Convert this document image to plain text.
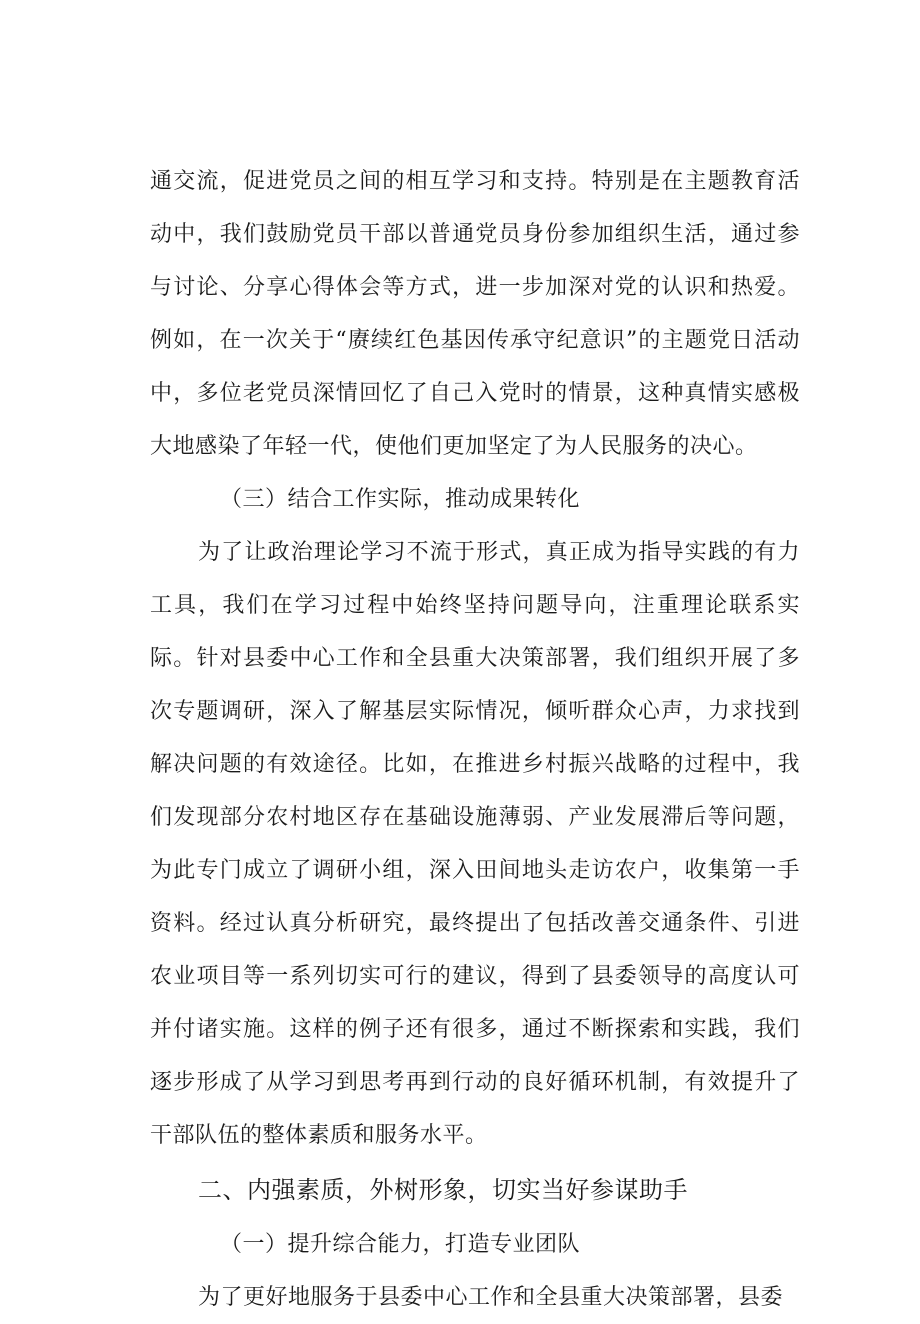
通交流，促进党员之间的相互学习和支持。特别是在主题教育活动中，我们鼓励党员干部以普通党员身份参加组织生活，通过参与讨论、分享心得体会等方式，进一步加深对党的认识和热爱。例如，在一次关于“赓续红色基因传承守纪意识”的主题党日活动中，多位老党员深情回忆了自己入党时的情景，这种真情实感极大地感染了年轻一代，使他们更加坚定了为人民服务的决心。

（三）结合工作实际，推动成果转化

为了让政治理论学习不流于形式，真正成为指导实践的有力工具，我们在学习过程中始终坚持问题导向，注重理论联系实际。针对县委中心工作和全县重大决策部署，我们组织开展了多次专题调研，深入了解基层实际情况，倾听群众心声，力求找到解决问题的有效途径。比如，在推进乡村振兴战略的过程中，我们发现部分农村地区存在基础设施薄弱、产业发展滞后等问题，为此专门成立了调研小组，深入田间地头走访农户，收集第一手资料。经过认真分析研究，最终提出了包括改善交通条件、引进农业项目等一系列切实可行的建议，得到了县委领导的高度认可并付诸实施。这样的例子还有很多，通过不断探索和实践，我们逐步形成了从学习到思考再到行动的良好循环机制，有效提升了干部队伍的整体素质和服务水平。

二、内强素质，外树形象，切实当好参谋助手

（一）提升综合能力，打造专业团队

为了更好地服务于县委中心工作和全县重大决策部署，县委
